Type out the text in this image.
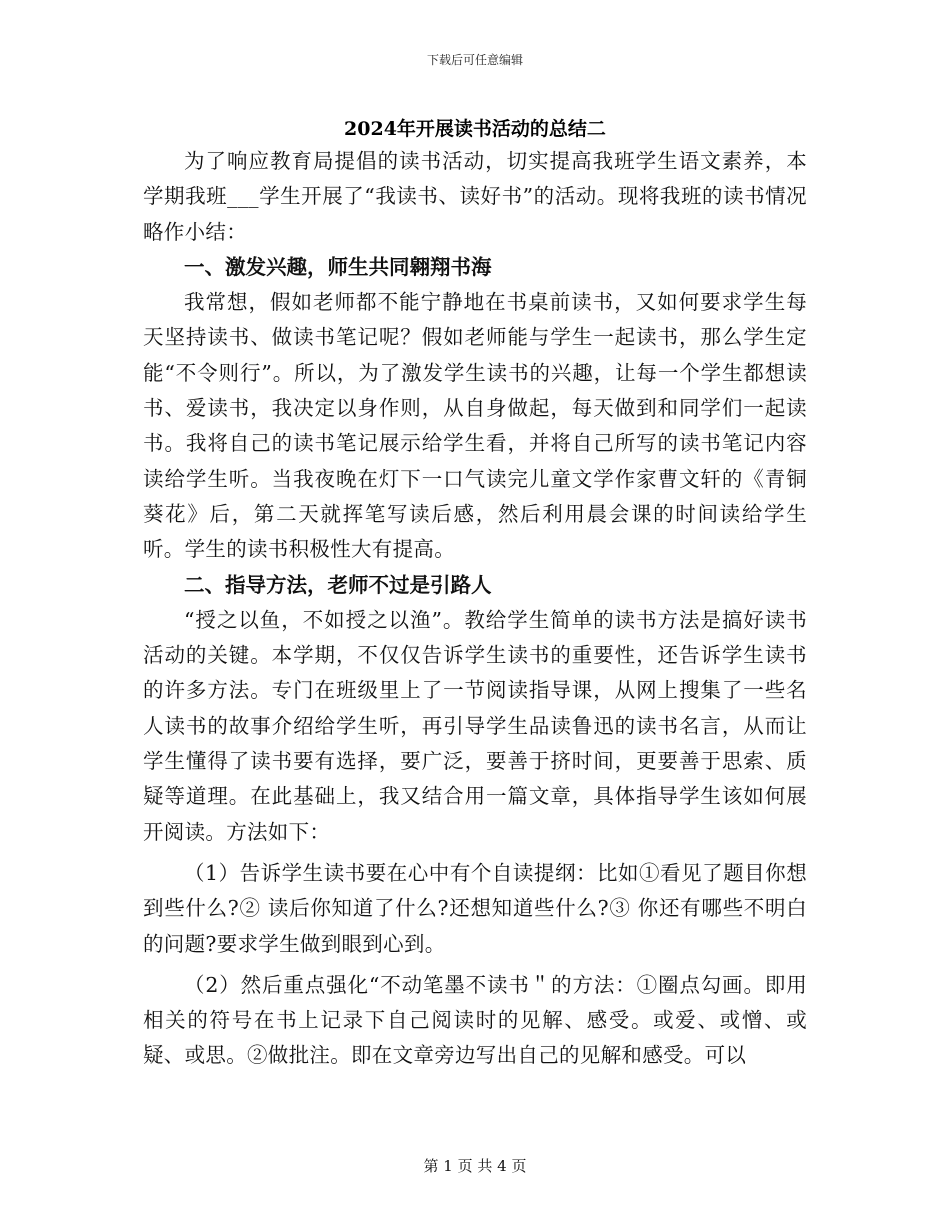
下载后可任意编辑
2024年开展读书活动的总结二

为了响应教育局提倡的读书活动，切实提高我班学生语文素养，本学期我班___学生开展了“我读书、读好书”的活动。现将我班的读书情况略作小结：

一、激发兴趣，师生共同翱翔书海

我常想，假如老师都不能宁静地在书桌前读书，又如何要求学生每天坚持读书、做读书笔记呢？假如老师能与学生一起读书，那么学生定能“不令则行”。所以，为了激发学生读书的兴趣，让每一个学生都想读书、爱读书，我决定以身作则，从自身做起，每天做到和同学们一起读书。我将自己的读书笔记展示给学生看，并将自己所写的读书笔记内容读给学生听。当我夜晚在灯下一口气读完儿童文学作家曹文轩的《青铜葵花》后，第二天就挥笔写读后感，然后利用晨会课的时间读给学生听。学生的读书积极性大有提高。

二、指导方法，老师不过是引路人

“授之以鱼，不如授之以渔”。教给学生简单的读书方法是搞好读书活动的关键。本学期，不仅仅告诉学生读书的重要性，还告诉学生读书的许多方法。专门在班级里上了一节阅读指导课，从网上搜集了一些名人读书的故事介绍给学生听，再引导学生品读鲁迅的读书名言，从而让学生懂得了读书要有选择，要广泛，要善于挤时间，更要善于思索、质疑等道理。在此基础上，我又结合用一篇文章，具体指导学生该如何展开阅读。方法如下：

（1）告诉学生读书要在心中有个自读提纲：比如①看见了题目你想到些什么?② 读后你知道了什么?还想知道些什么?③ 你还有哪些不明白的问题?要求学生做到眼到心到。

（2）然后重点强化“不动笔墨不读书＂的方法：①圈点勾画。即用相关的符号在书上记录下自己阅读时的见解、感受。或爱、或憎、或疑、或思。②做批注。即在文章旁边写出自己的见解和感受。可以

第 1 页 共 4 页
